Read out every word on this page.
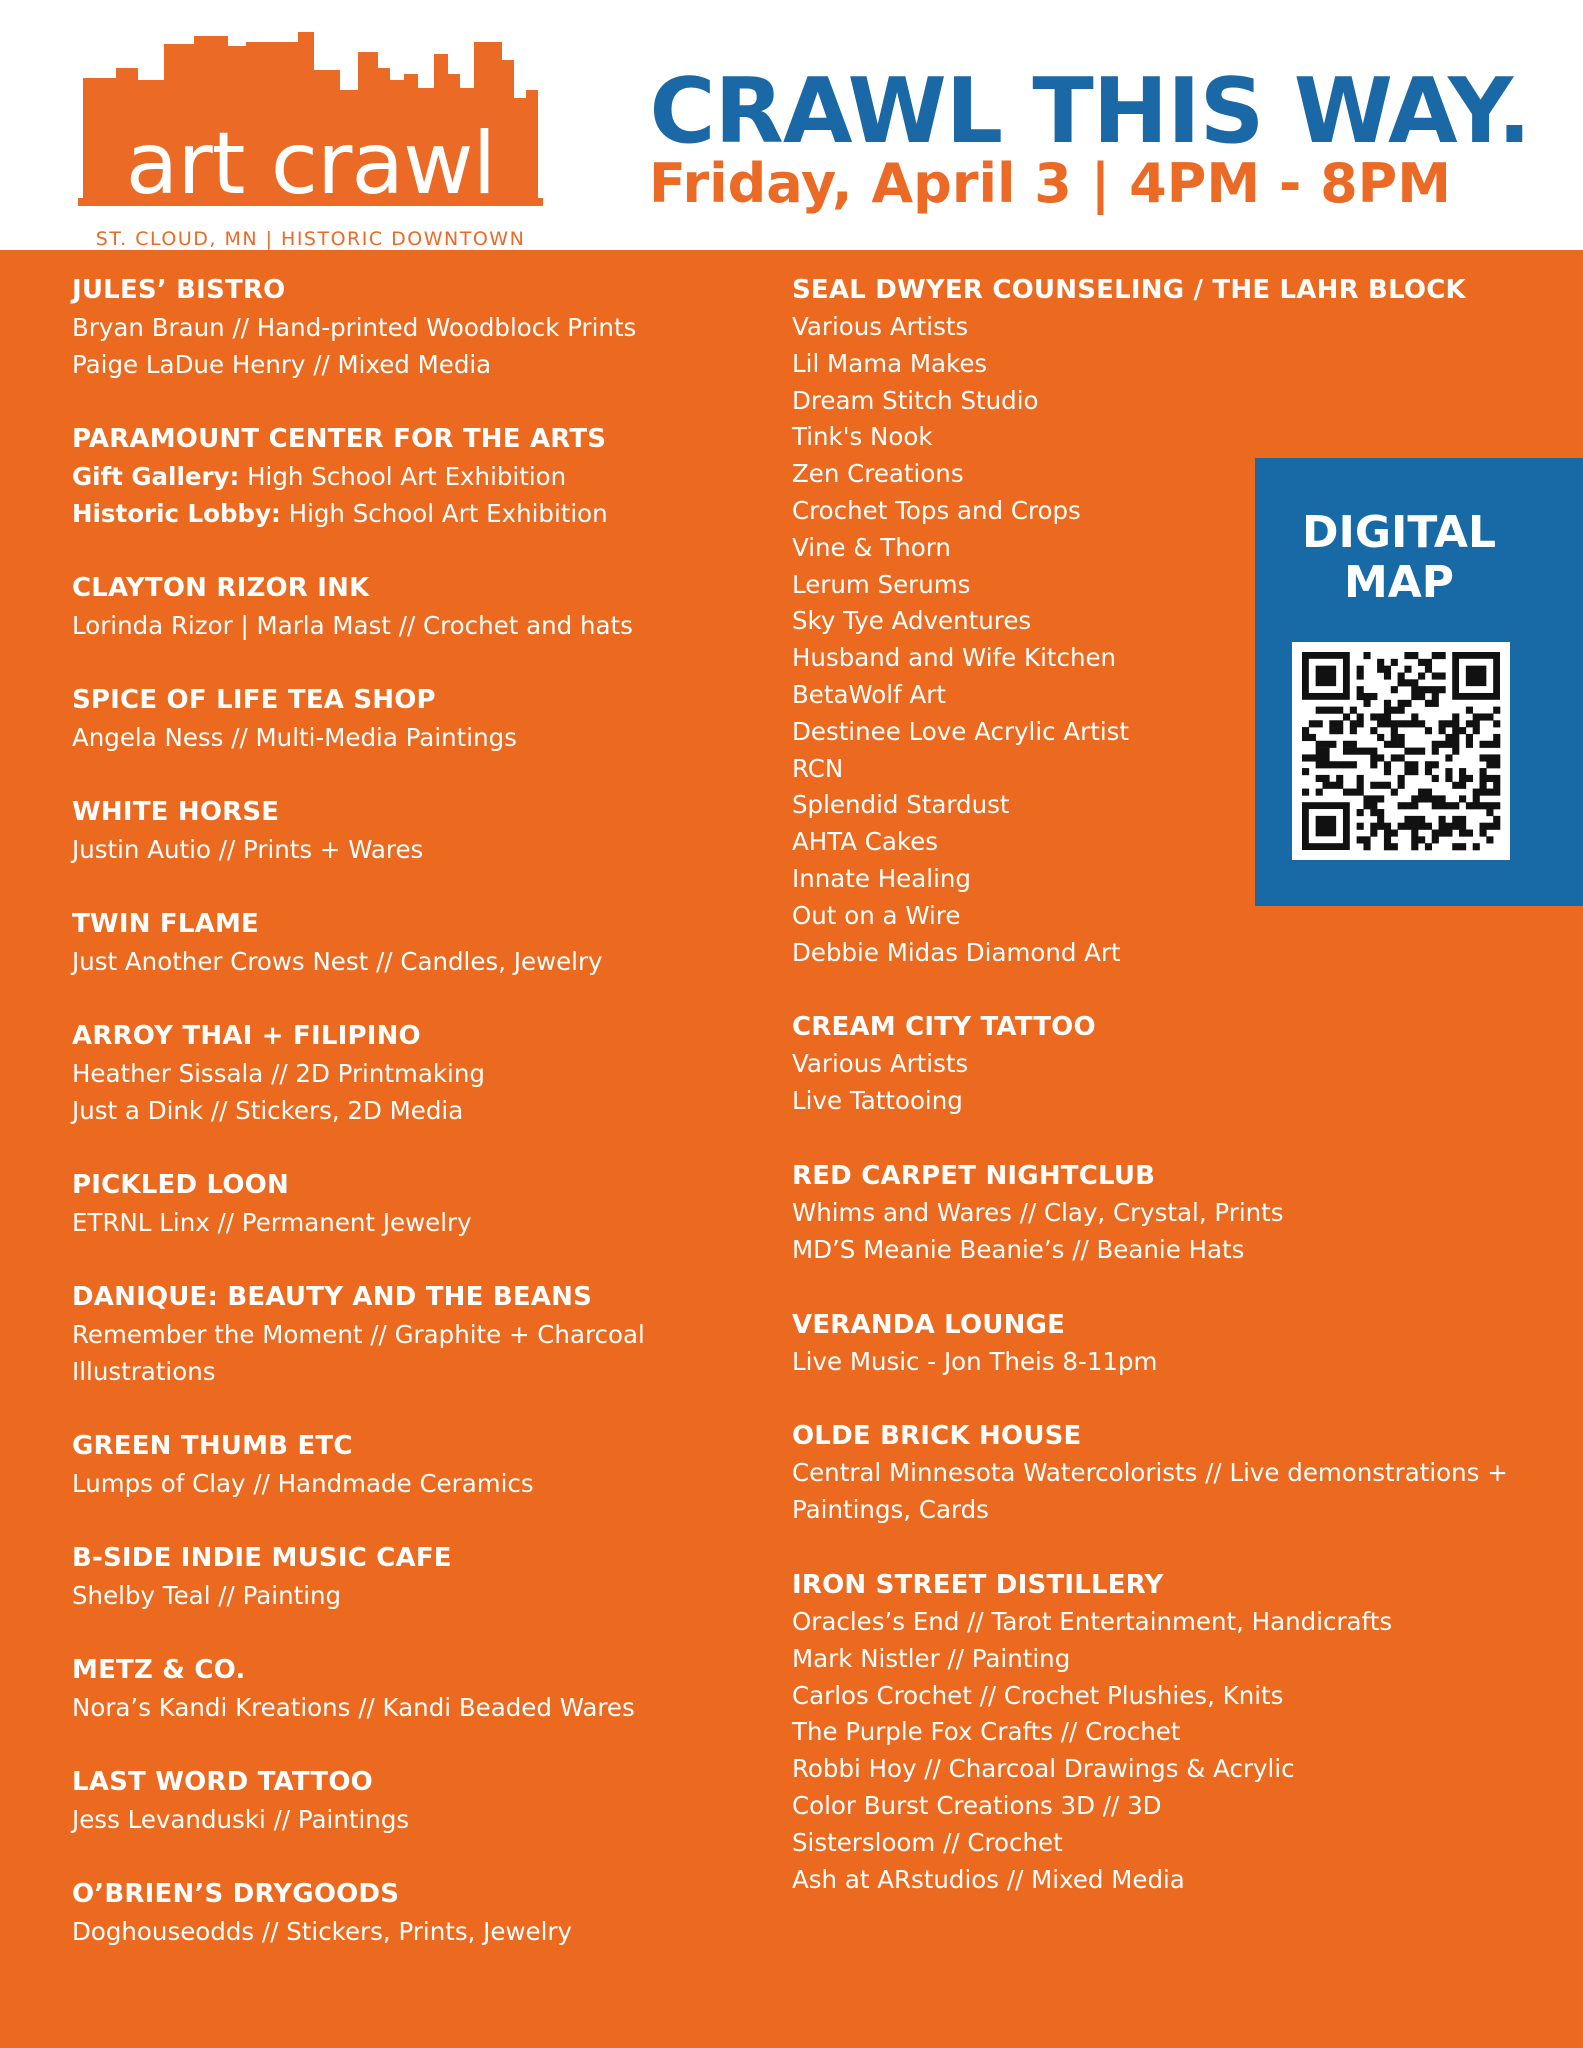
art crawl
ST. CLOUD, MN | HISTORIC DOWNTOWN
CRAWL THIS WAY.
Friday, April 3 | 4PM - 8PM
JULES’ BISTRO
Bryan Braun // Hand-printed Woodblock Prints
Paige LaDue Henry // Mixed Media
PARAMOUNT CENTER FOR THE ARTS
Gift Gallery: High School Art Exhibition
Historic Lobby: High School Art Exhibition
CLAYTON RIZOR INK
Lorinda Rizor | Marla Mast // Crochet and hats
SPICE OF LIFE TEA SHOP
Angela Ness // Multi-Media Paintings
WHITE HORSE
Justin Autio // Prints + Wares
TWIN FLAME
Just Another Crows Nest // Candles, Jewelry
ARROY THAI + FILIPINO
Heather Sissala // 2D Printmaking
Just a Dink // Stickers, 2D Media
PICKLED LOON
ETRNL Linx // Permanent Jewelry
DANIQUE: BEAUTY AND THE BEANS
Remember the Moment // Graphite + Charcoal
Illustrations
GREEN THUMB ETC
Lumps of Clay // Handmade Ceramics
B-SIDE INDIE MUSIC CAFE
Shelby Teal // Painting
METZ & CO.
Nora’s Kandi Kreations // Kandi Beaded Wares
LAST WORD TATTOO
Jess Levanduski // Paintings
O’BRIEN’S DRYGOODS
Doghouseodds // Stickers, Prints, Jewelry
SEAL DWYER COUNSELING / THE LAHR BLOCK
Various Artists
Lil Mama Makes
Dream Stitch Studio
Tink's Nook
Zen Creations
Crochet Tops and Crops
Vine & Thorn
Lerum Serums
Sky Tye Adventures
Husband and Wife Kitchen
BetaWolf Art
Destinee Love Acrylic Artist
RCN
Splendid Stardust
AHTA Cakes
Innate Healing
Out on a Wire
Debbie Midas Diamond Art
CREAM CITY TATTOO
Various Artists
Live Tattooing
RED CARPET NIGHTCLUB
Whims and Wares // Clay, Crystal, Prints
MD’S Meanie Beanie’s // Beanie Hats
VERANDA LOUNGE
Live Music - Jon Theis 8-11pm
OLDE BRICK HOUSE
Central Minnesota Watercolorists // Live demonstrations +
Paintings, Cards
IRON STREET DISTILLERY
Oracles’s End // Tarot Entertainment, Handicrafts
Mark Nistler // Painting
Carlos Crochet // Crochet Plushies, Knits
The Purple Fox Crafts // Crochet
Robbi Hoy // Charcoal Drawings & Acrylic
Color Burst Creations 3D // 3D
Sistersloom // Crochet
Ash at ARstudios // Mixed Media
DIGITAL
MAP
